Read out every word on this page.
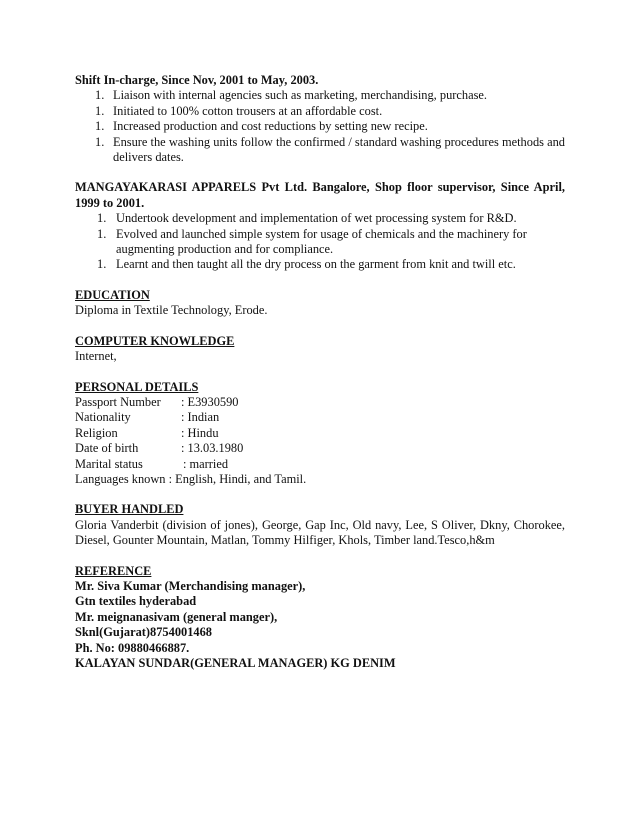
Shift In-charge, Since Nov, 2001 to May, 2003.
1. Liaison with internal agencies such as marketing, merchandising, purchase.
1. Initiated to 100% cotton trousers at an affordable cost.
1. Increased production and cost reductions by setting new recipe.
1. Ensure the washing units follow the confirmed / standard washing procedures methods and delivers dates.
MANGAYAKARASI APPARELS Pvt Ltd. Bangalore, Shop floor supervisor, Since April, 1999 to 2001.
1. Undertook development and implementation of wet processing system for R&D.
1. Evolved and launched simple system for usage of chemicals and the machinery for augmenting production and for compliance.
1. Learnt and then taught all the dry process on the garment from knit and twill etc.
EDUCATION
Diploma in Textile Technology, Erode.
COMPUTER KNOWLEDGE
Internet,
PERSONAL DETAILS
Passport Number : E3930590
Nationality	: Indian
Religion	: Hindu
Date of birth	: 13.03.1980
Marital status	: married
Languages known : English, Hindi, and Tamil.
BUYER HANDLED
Gloria Vanderbit (division of jones), George, Gap Inc, Old navy, Lee, S Oliver, Dkny, Chorokee, Diesel, Gounter Mountain, Matlan, Tommy Hilfiger, Khols, Timber land.Tesco,h&m
REFERENCE
Mr. Siva Kumar (Merchandising manager),
Gtn textiles hyderabad
Mr. meignanasivam (general manger),
Sknl(Gujarat)8754001468
Ph. No: 09880466887.
KALAYAN SUNDAR(GENERAL MANAGER) KG DENIM
